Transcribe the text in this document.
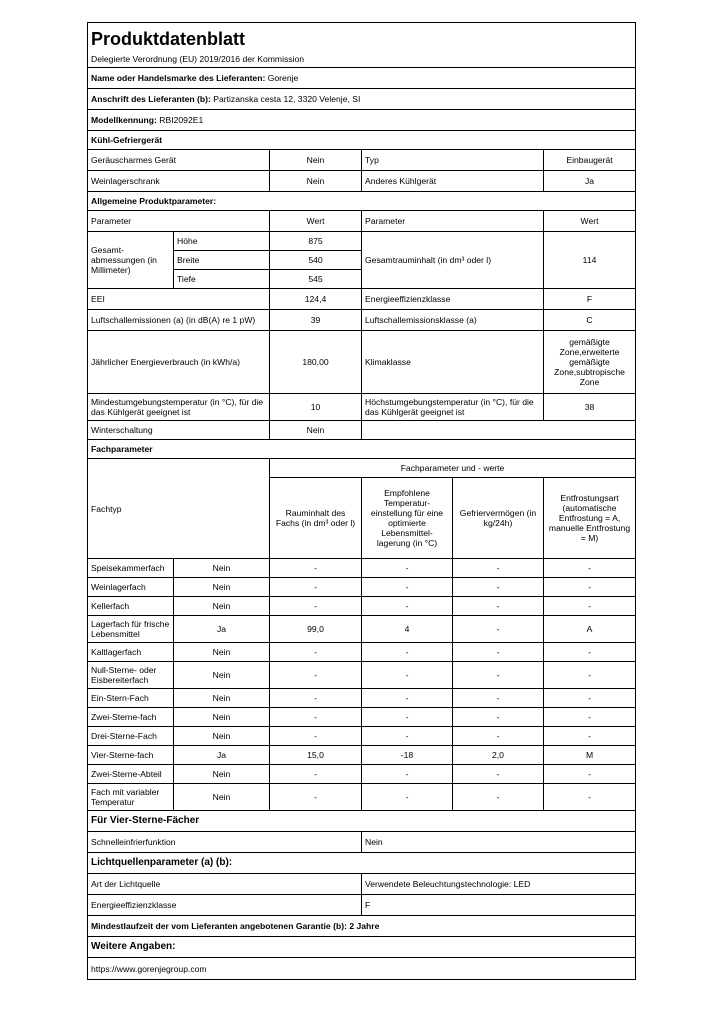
Produktdatenblatt					
Delegierte Verordnung (EU) 2019/2016 der Kommission					
Name oder Handelsmarke des Lieferanten: Gorenje					
Anschrift des Lieferanten (b): Partizanska cesta 12, 3320 Velenje, SI					
Modellkennung: RBI2092E1					
Kühl-Gefriergerät					
Geräuscharmes Gerät		Nein	Typ		Einbaugerät
Weinlagerschrank		Nein	Anderes Kühlgerät		Ja
Allgemeine Produktparameter:					
Parameter		Wert	Parameter		Wert
Gesamt-abmessungen (in Millimeter)	Höhe	875	Gesamtrauminhalt (in dm³ oder l)		114
	Breite	540			
	Tiefe	545			
EEI		124,4	Energieeffizienzklasse		F
Luftschallemissionen (a) (in dB(A) re 1 pW)		39	Luftschallemissionsklasse (a)		C
Jährlicher Energieverbrauch (in kWh/a)		180,00	Klimaklasse		gemäßigte Zone,erweiterte gemäßigte Zone,subtropische Zone
Mindestumgebungstemperatur (in °C), für die das Kühlgerät geeignet ist		10	Höchstumgebungstemperatur (in °C), für die das Kühlgerät geeignet ist		38
Winterschaltung		Nein			
Fachparameter					
Fachtyp		Fachparameter und - werte			
		Rauminhalt des Fachs (in dm³ oder l)	Empfohlene Temperatur-einstellung für eine optimierte Lebensmittel-lagerung (in °C)	Gefriervermögen (in kg/24h)	Entfrostungsart (automatische Entfrostung = A, manuelle Entfrostung = M)
Speisekammerfach	Nein	-	-	-	-
Weinlagerfach	Nein	-	-	-	-
Kellerfach	Nein	-	-	-	-
Lagerfach für frische Lebensmittel	Ja	99,0	4	-	A
Kaltlagerfach	Nein	-	-	-	-
Null-Sterne- oder Eisbereiterfach	Nein	-	-	-	-
Ein-Stern-Fach	Nein	-	-	-	-
Zwei-Sterne-fach	Nein	-	-	-	-
Drei-Sterne-Fach	Nein	-	-	-	-
Vier-Sterne-fach	Ja	15,0	-18	2,0	M
Zwei-Sterne-Abteil	Nein	-	-	-	-
Fach mit variabler Temperatur	Nein	-	-	-	-
Für Vier-Sterne-Fächer					
Schnelleinfrierfunktion			Nein		
Lichtquellenparameter (a) (b):					
Art der Lichtquelle			Verwendete Beleuchtungstechnologie: LED		
Energieeffizienzklasse			F		
Mindestlaufzeit der vom Lieferanten angebotenen Garantie (b): 2 Jahre					
Weitere Angaben:					
https://www.gorenjegroup.com					
